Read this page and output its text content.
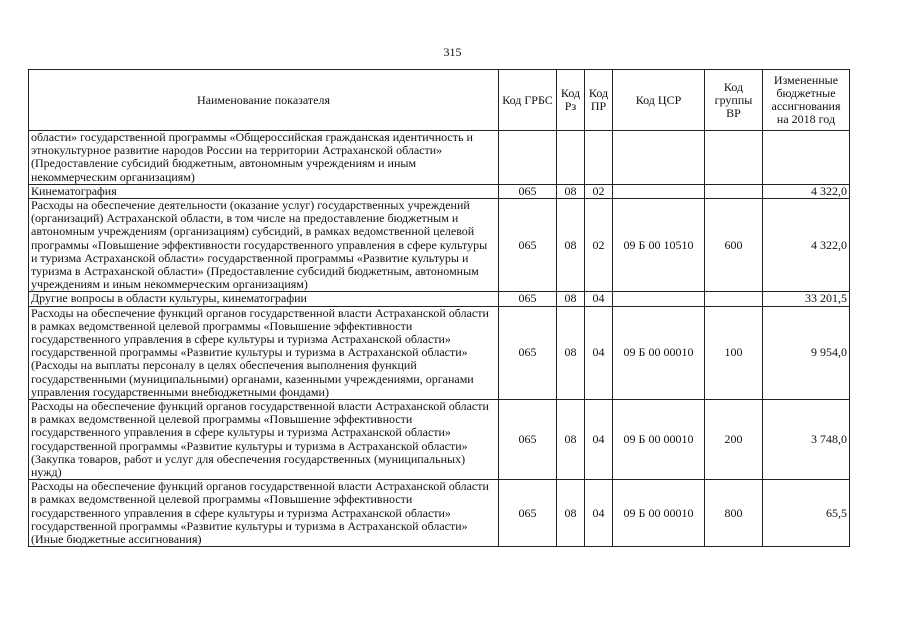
315
Наименование показателя	Код ГРБС	Код Рз	Код ПР	Код ЦСР	Код группы ВР	Измененные бюджетные ассигнования на 2018 год
области» государственной программы «Общероссийская гражданская идентичность и этнокультурное развитие народов России на территории Астраханской области» (Предоставление субсидий бюджетным, автономным учреждениям и иным некоммерческим организациям)						
Кинематография	065	08	02			4 322,0
Расходы на обеспечение деятельности (оказание услуг) государственных учреждений (организаций) Астраханской области, в том числе на предоставление бюджетным и автономным учреждениям (организациям) субсидий, в рамках ведомственной целевой программы «Повышение эффективности государственного управления в сфере культуры и туризма Астраханской области» государственной программы «Развитие культуры и туризма в Астраханской области» (Предоставление субсидий бюджетным, автономным учреждениям и иным некоммерческим организациям)	065	08	02	09 Б 00 10510	600	4 322,0
Другие вопросы в области культуры, кинематографии	065	08	04			33 201,5
Расходы на обеспечение функций органов государственной власти Астраханской области в рамках ведомственной целевой программы «Повышение эффективности государственного управления в сфере культуры и туризма Астраханской области» государственной программы «Развитие культуры и туризма в Астраханской области» (Расходы на выплаты персоналу в целях обеспечения выполнения функций государственными (муниципальными) органами, казенными учреждениями, органами управления государственными внебюджетными фондами)	065	08	04	09 Б 00 00010	100	9 954,0
Расходы на обеспечение функций органов государственной власти Астраханской области в рамках ведомственной целевой программы «Повышение эффективности государственного управления в сфере культуры и туризма Астраханской области» государственной программы «Развитие культуры и туризма в Астраханской области» (Закупка товаров, работ и услуг для обеспечения государственных (муниципальных) нужд)	065	08	04	09 Б 00 00010	200	3 748,0
Расходы на обеспечение функций органов государственной власти Астраханской области в рамках ведомственной целевой программы «Повышение эффективности государственного управления в сфере культуры и туризма Астраханской области» государственной программы «Развитие культуры и туризма в Астраханской области» (Иные бюджетные ассигнования)	065	08	04	09 Б 00 00010	800	65,5
